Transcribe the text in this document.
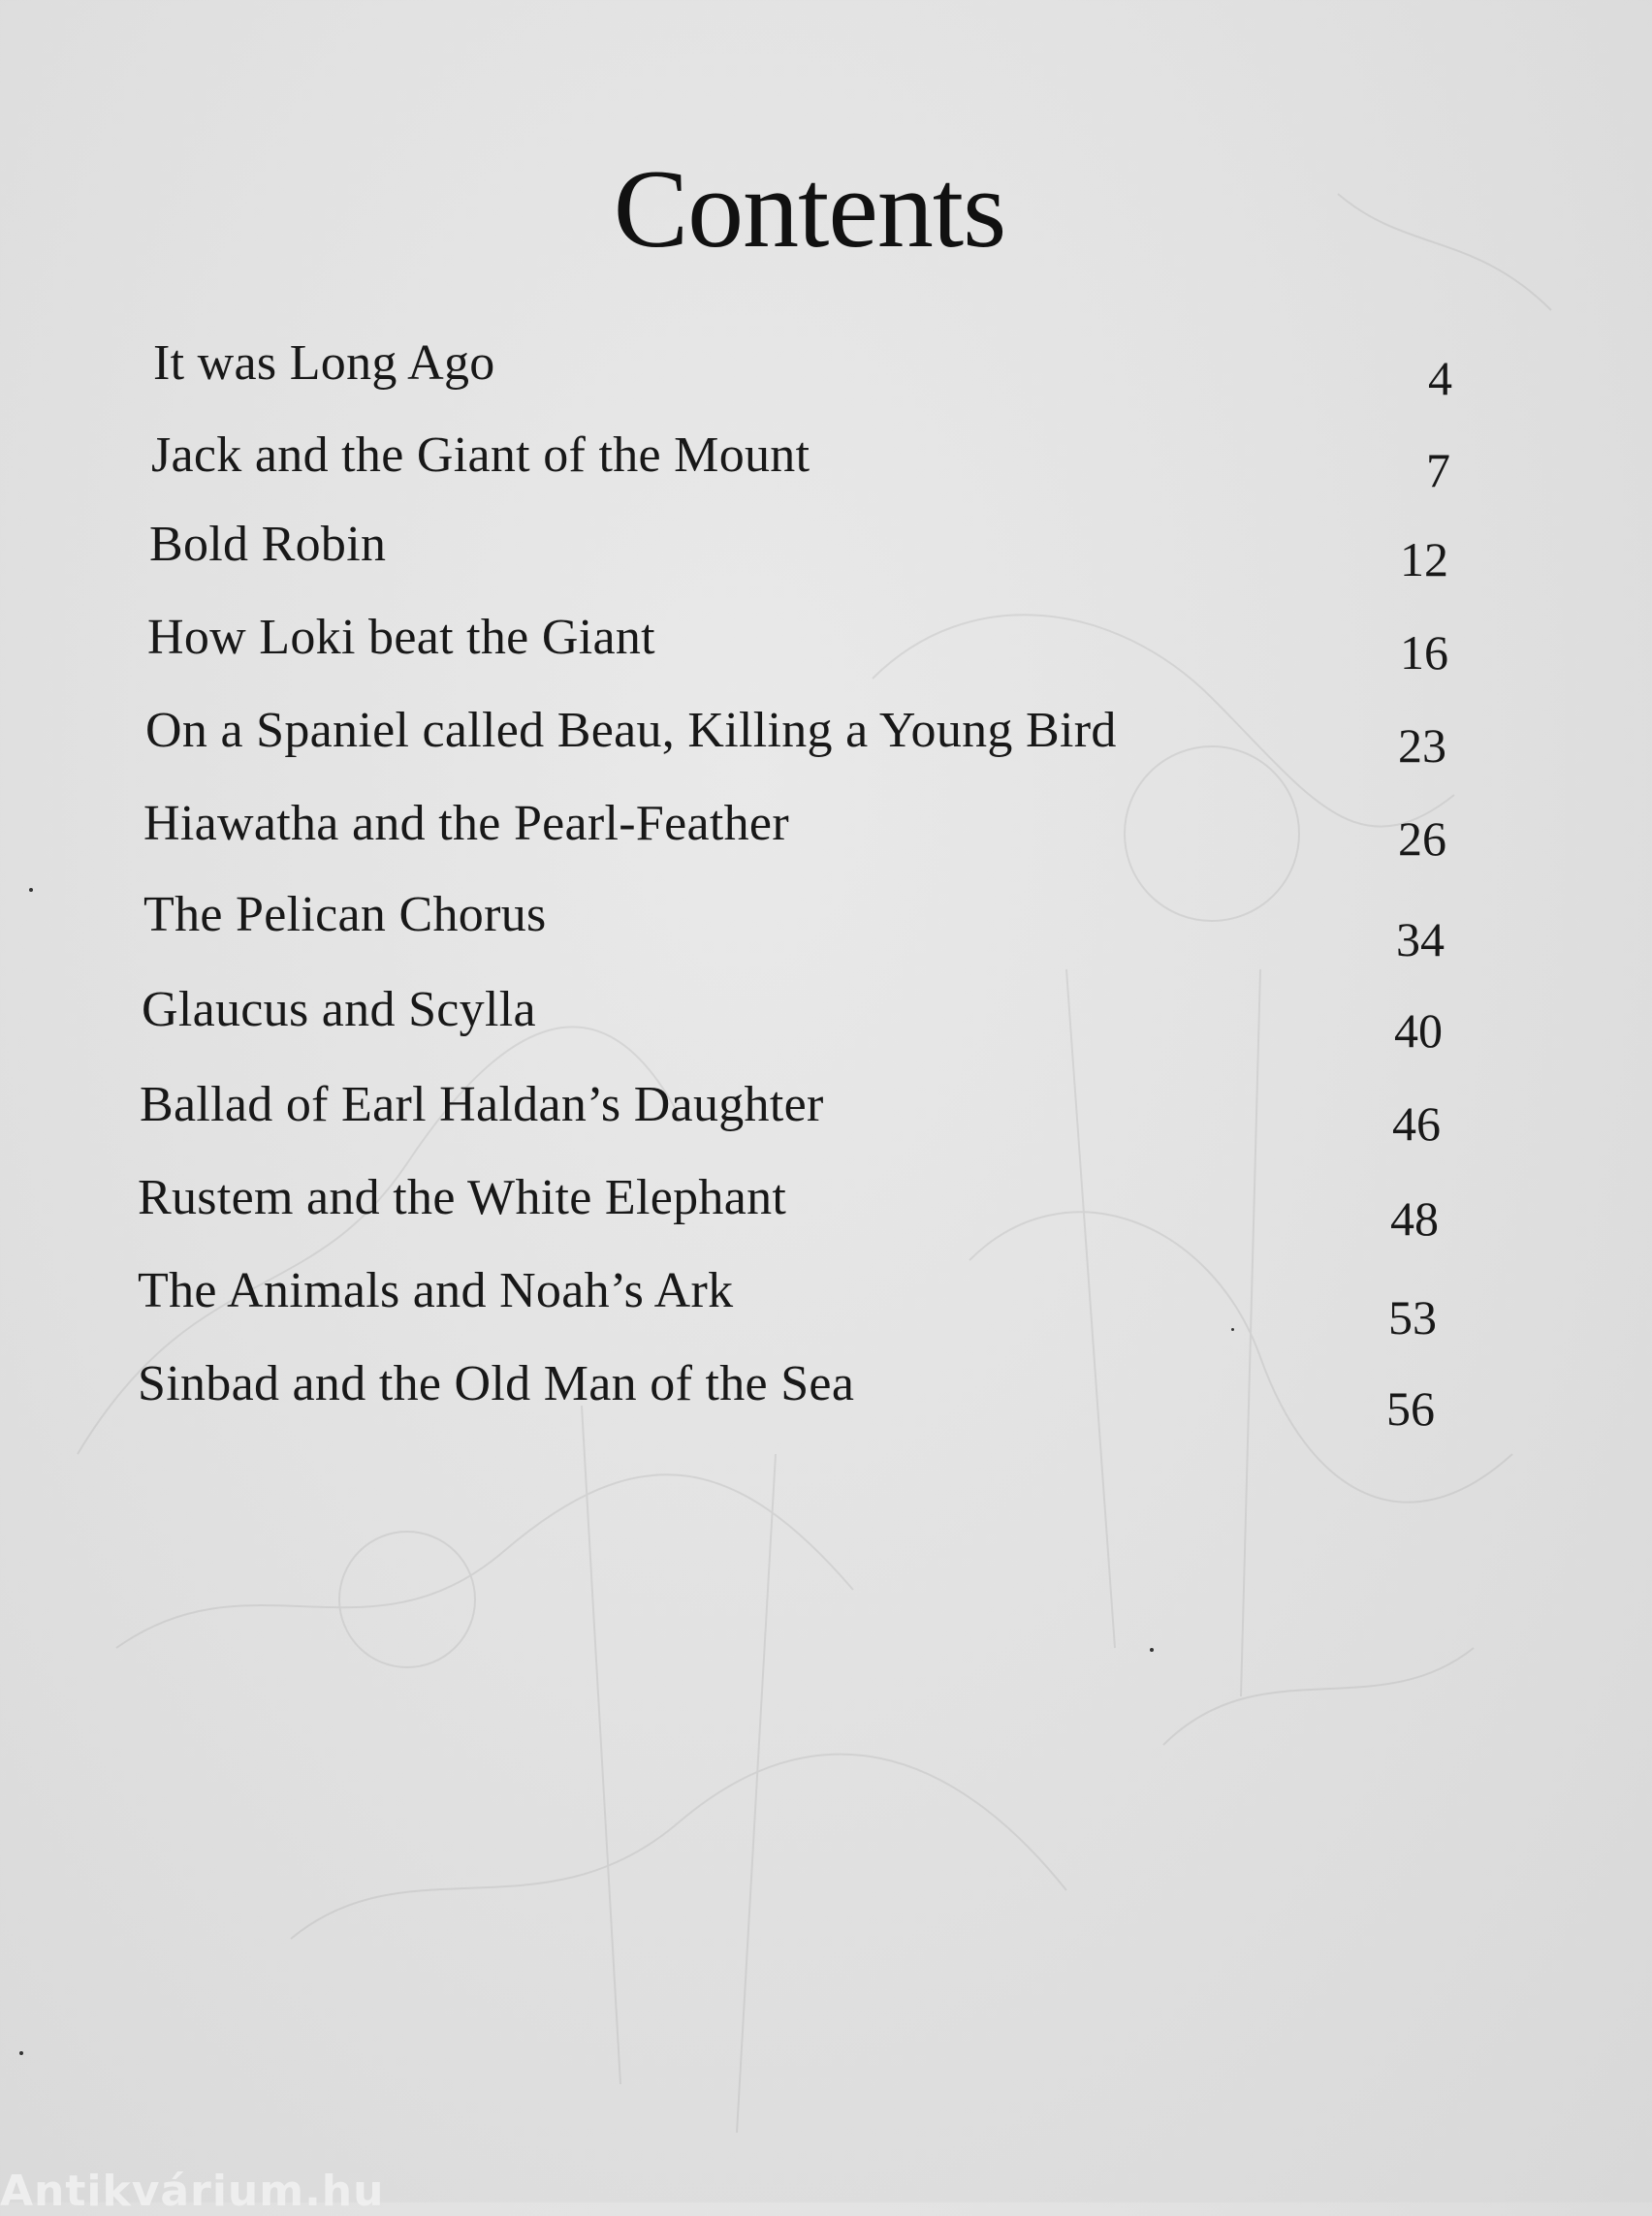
Contents
It was Long Ago	4
Jack and the Giant of the Mount	7
Bold Robin	12
How Loki beat the Giant	16
On a Spaniel called Beau, Killing a Young Bird	23
Hiawatha and the Pearl-Feather	26
The Pelican Chorus	34
Glaucus and Scylla	40
Ballad of Earl Haldan’s Daughter	46
Rustem and the White Elephant	48
The Animals and Noah’s Ark	53
Sinbad and the Old Man of the Sea	56
Antikvárium.hu
